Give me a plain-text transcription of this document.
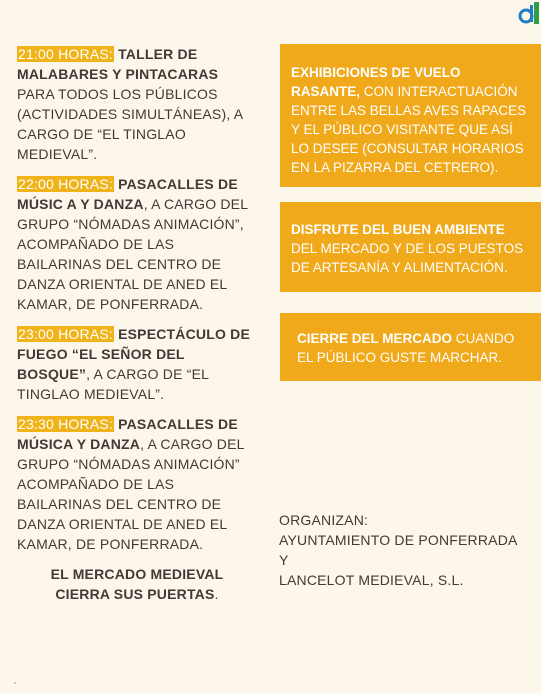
21:00 HORAS: TALLER DE MALABARES Y PINTACARAS PARA TODOS LOS PÚBLICOS (ACTIVIDADES SIMULTÁNEAS), A CARGO DE “EL TINGLAO MEDIEVAL”.
22:00 HORAS: PASACALLES DE MÚSIC A Y DANZA, A CARGO DEL GRUPO “NÓMADAS ANIMACIÓN”, ACOMPAÑADO DE LAS BAILARINAS DEL CENTRO DE DANZA ORIENTAL DE ANED EL KAMAR, DE PONFERRADA.
23:00 HORAS: ESPECTÁCULO DE FUEGO “EL SEÑOR DEL BOSQUE”, A CARGO DE “EL TINGLAO MEDIEVAL”.
23:30 HORAS: PASACALLES DE MÚSICA Y DANZA, A CARGO DEL GRUPO “NÓMADAS ANIMACIÓN” ACOMPAÑADO DE LAS BAILARINAS DEL CENTRO DE DANZA ORIENTAL DE ANED EL KAMAR, DE PONFERRADA.
EL MERCADO MEDIEVAL
CIERRA SUS PUERTAS.
EXHIBICIONES DE VUELO RASANTE, CON INTERACTUACIÓN ENTRE LAS BELLAS AVES RAPACES Y EL PÚBLICO VISITANTE QUE ASÍ LO DESEE (CONSULTAR HORARIOS EN LA PIZARRA DEL CETRERO).
DISFRUTE DEL BUEN AMBIENTE DEL MERCADO Y DE LOS PUESTOS DE ARTESANÍA Y ALIMENTACIÓN.
CIERRE DEL MERCADO CUANDO EL PÚBLICO GUSTE MARCHAR.
ORGANIZAN:
AYUNTAMIENTO DE PONFERRADA Y
LANCELOT MEDIEVAL, S.L.
